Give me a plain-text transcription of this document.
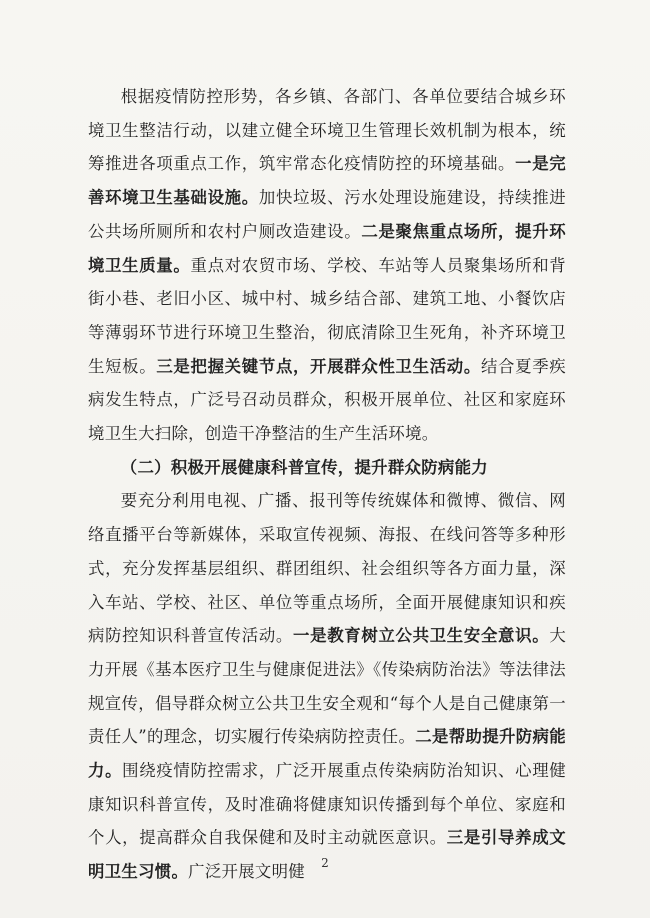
根据疫情防控形势，各乡镇、各部门、各单位要结合城乡环境卫生整洁行动，以建立健全环境卫生管理长效机制为根本，统筹推进各项重点工作，筑牢常态化疫情防控的环境基础。一是完善环境卫生基础设施。加快垃圾、污水处理设施建设，持续推进公共场所厕所和农村户厕改造建设。二是聚焦重点场所，提升环境卫生质量。重点对农贸市场、学校、车站等人员聚集场所和背街小巷、老旧小区、城中村、城乡结合部、建筑工地、小餐饮店等薄弱环节进行环境卫生整治，彻底清除卫生死角，补齐环境卫生短板。三是把握关键节点，开展群众性卫生活动。结合夏季疾病发生特点，广泛号召动员群众，积极开展单位、社区和家庭环境卫生大扫除，创造干净整洁的生产生活环境。

（二）积极开展健康科普宣传，提升群众防病能力

要充分利用电视、广播、报刊等传统媒体和微博、微信、网络直播平台等新媒体，采取宣传视频、海报、在线问答等多种形式，充分发挥基层组织、群团组织、社会组织等各方面力量，深入车站、学校、社区、单位等重点场所，全面开展健康知识和疾病防控知识科普宣传活动。一是教育树立公共卫生安全意识。大力开展《基本医疗卫生与健康促进法》《传染病防治法》等法律法规宣传，倡导群众树立公共卫生安全观和“每个人是自己健康第一责任人”的理念，切实履行传染病防控责任。二是帮助提升防病能力。围绕疫情防控需求，广泛开展重点传染病防治知识、心理健康知识科普宣传，及时准确将健康知识传播到每个单位、家庭和个人，提高群众自我保健和及时主动就医意识。三是引导养成文明卫生习惯。广泛开展文明健	2
